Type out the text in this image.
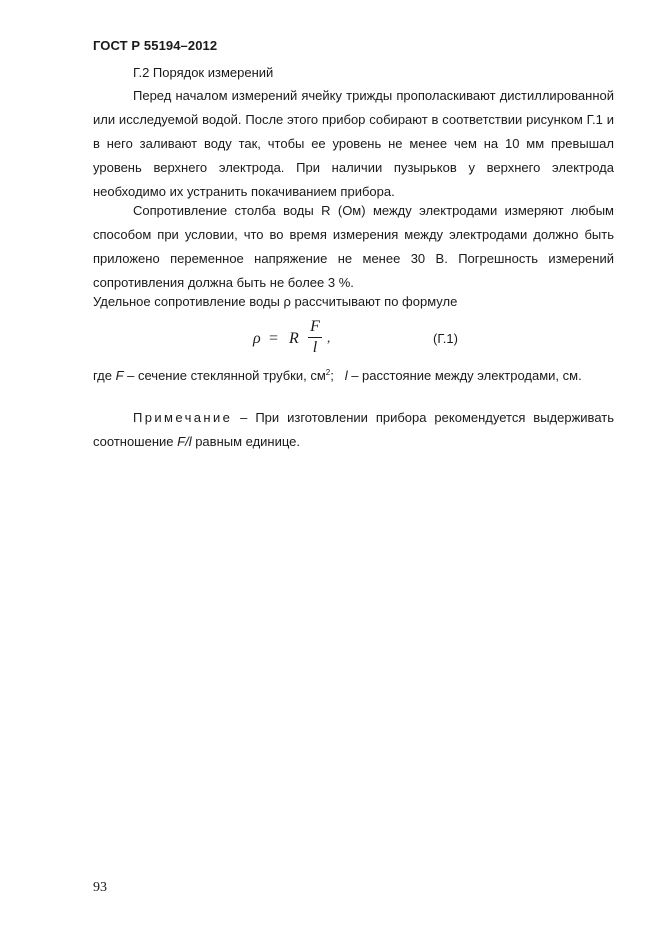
ГОСТ Р 55194–2012
Г.2 Порядок измерений

Перед началом измерений ячейку трижды прополаскивают дистиллированной или исследуемой водой. После этого прибор собирают в соответствии рисунком Г.1 и в него заливают воду так, чтобы ее уровень не менее чем на 10 мм превышал уровень верхнего электрода. При наличии пузырьков у верхнего электрода необходимо их устранить покачиванием прибора.

Сопротивление столба воды R (Ом) между электродами измеряют любым способом при условии, что во время измерения между электродами должно быть приложено переменное напряжение не менее 30 В. Погрешность измерений сопротивления должна быть не более 3 %.

Удельное сопротивление воды ρ рассчитывают по формуле

ρ = R
F
l
,	(Г.1)
где F – сечение стеклянной трубки, $см^2$;   l – расстояние между электродами, см.

Примечание – При изготовлении прибора рекомендуется выдерживать соотношение F/l равным единице.

93
